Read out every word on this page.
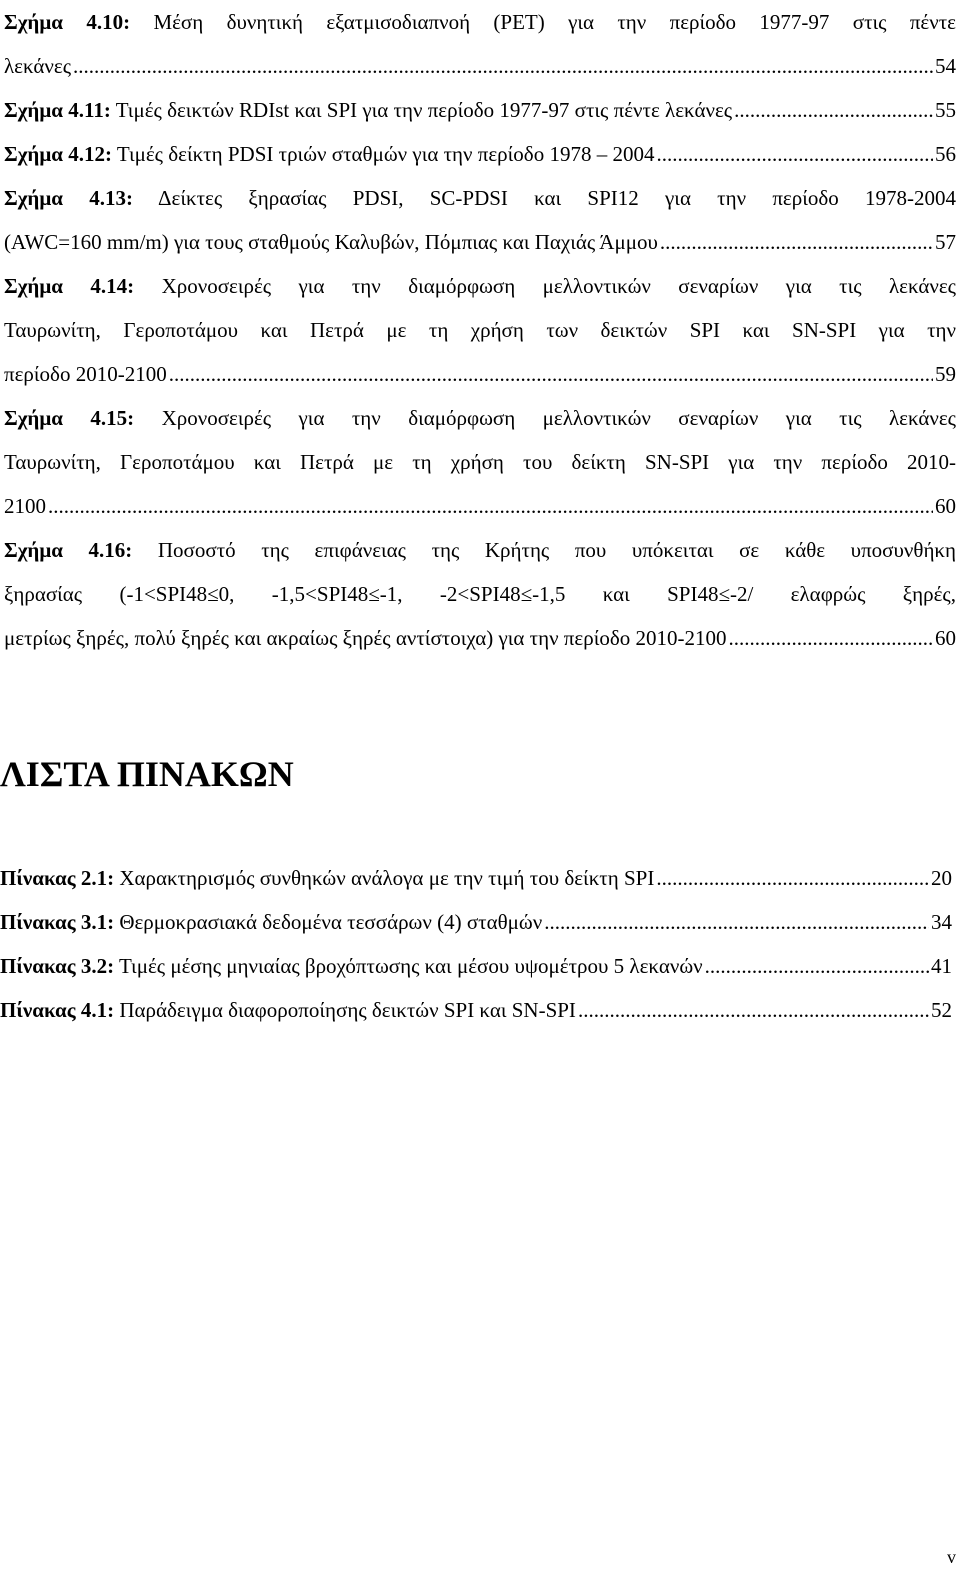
Σχήμα 4.10: Μέση δυνητική εξατμισοδιαπνοή (PET) για την περίοδο 1977-97 στις πέντε
λεκάνες .....	54
Σχήμα 4.11: Τιμές δεικτών RDIst και SPI για την περίοδο 1977-97 στις πέντε λεκάνες .....	55
Σχήμα 4.12: Τιμές δείκτη PDSI τριών σταθμών για την περίοδο 1978 – 2004 .....	56
Σχήμα 4.13: Δείκτες ξηρασίας PDSI, SC-PDSI και SPI12 για την περίοδο 1978-2004
(AWC=160 mm/m) για τους σταθμούς Καλυβών, Πόμπιας και Παχιάς Άμμου .....	57
Σχήμα 4.14: Χρονοσειρές για την διαμόρφωση μελλοντικών σεναρίων για τις λεκάνες
Ταυρωνίτη, Γεροποτάμου και Πετρά με τη χρήση των δεικτών SPI και SN-SPI για την
περίοδο 2010-2100 .....	59
Σχήμα 4.15: Χρονοσειρές για την διαμόρφωση μελλοντικών σεναρίων για τις λεκάνες
Ταυρωνίτη, Γεροποτάμου και Πετρά με τη χρήση του δείκτη SN-SPI για την περίοδο 2010-
2100 .....	60
Σχήμα 4.16: Ποσοστό της επιφάνειας της Κρήτης που υπόκειται σε κάθε υποσυνθήκη
ξηρασίας (-1<SPI48≤0, -1,5<SPI48≤-1, -2<SPI48≤-1,5 και SPI48≤-2/ ελαφρώς ξηρές,
μετρίως ξηρές, πολύ ξηρές και ακραίως ξηρές αντίστοιχα) για την περίοδο 2010-2100 .....	60
ΛΙΣΤΑ ΠΙΝΑΚΩΝ
Πίνακας 2.1: Χαρακτηρισμός συνθηκών ανάλογα με την τιμή του δείκτη SPI .....	20
Πίνακας 3.1: Θερμοκρασιακά δεδομένα τεσσάρων (4) σταθμών .....	34
Πίνακας 3.2: Τιμές μέσης μηνιαίας βροχόπτωσης και μέσου υψομέτρου 5 λεκανών .....	41
Πίνακας 4.1: Παράδειγμα διαφοροποίησης δεικτών SPI και SN-SPI .....	52
v
